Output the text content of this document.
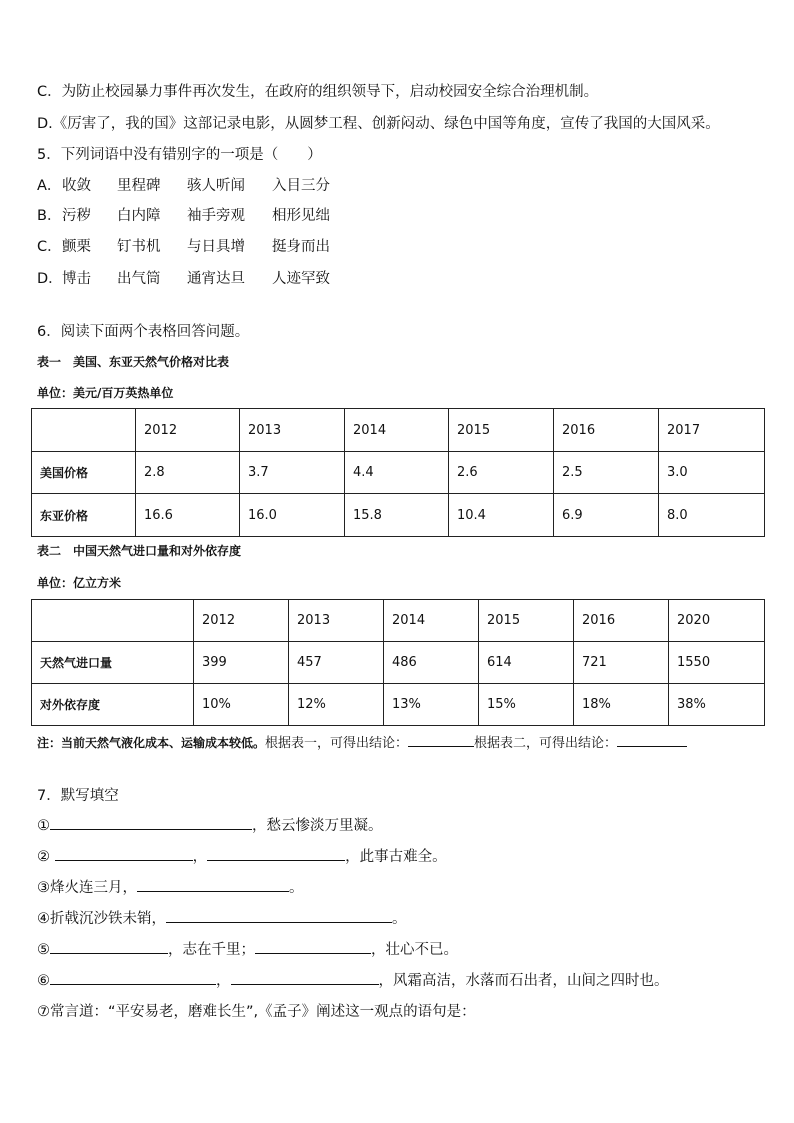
C．为防止校园暴力事件再次发生，在政府的组织领导下，启动校园安全综合治理机制。
D.《厉害了，我的国》这部记录电影，从圆梦工程、创新闷动、绿色中国等角度，宣传了我国的大国风采。
5．下列词语中没有错别字的一项是（　　）
A． 收敛 里程碑 骇人听闻 入目三分
B． 污秽 白内障 袖手旁观 相形见绌
C． 颤栗 钉书机 与日具增 挺身而出
D． 博击 出气筒 通宵达旦 人迹罕致
6．阅读下面两个表格回答问题。
表一　美国、东亚天然气价格对比表
单位：美元/百万英热单位
	2012	2013	2014	2015	2016	2017
美国价格	2.8	3.7	4.4	2.6	2.5	3.0
东亚价格	16.6	16.0	15.8	10.4	6.9	8.0
表二　中国天然气进口量和对外依存度
单位：亿立方米
	2012	2013	2014	2015	2016	2020
天然气进口量	399	457	486	614	721	1550
对外依存度	10%	12%	13%	15%	18%	38%
注：当前天然气液化成本、运输成本较低。根据表一，可得出结论：	根据表二，可得出结论：
7．默写填空
①	，愁云惨淡万里凝。
②	，	，此事古难全。
③烽火连三月，	。
④折戟沉沙铁未销，	。
⑤	，志在千里；	，壮心不已。
⑥	，	，风霜高洁，水落而石出者，山间之四时也。
⑦常言道：“平安易老，磨难长生”,《孟子》阐述这一观点的语句是：
